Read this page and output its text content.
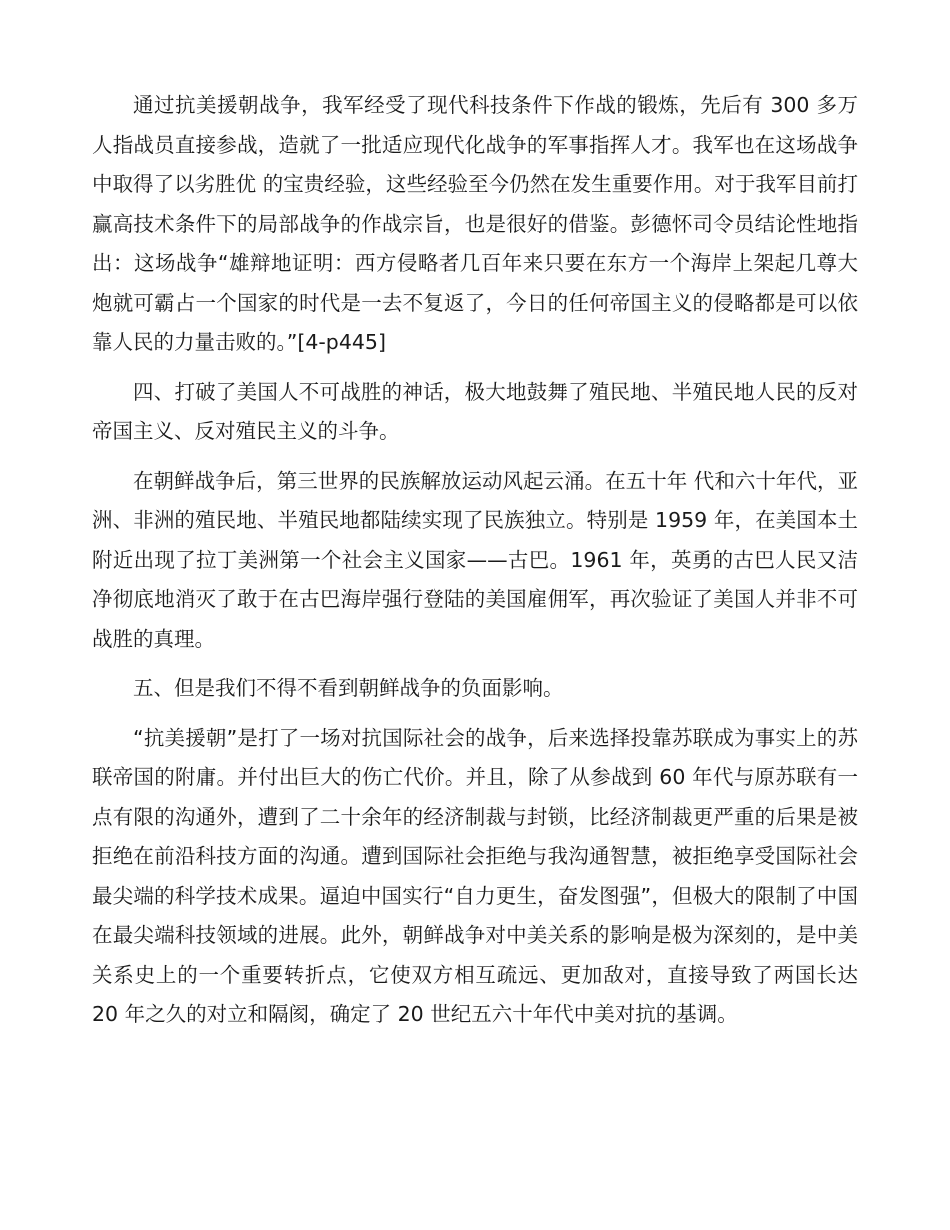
通过抗美援朝战争，我军经受了现代科技条件下作战的锻炼，先后有 300 多万人指战员直接参战，造就了一批适应现代化战争的军事指挥人才。我军也在这场战争中取得了以劣胜优 的宝贵经验，这些经验至今仍然在发生重要作用。对于我军目前打赢高技术条件下的局部战争的作战宗旨，也是很好的借鉴。彭德怀司令员结论性地指出：这场战争“雄辩地证明：西方侵略者几百年来只要在东方一个海岸上架起几尊大炮就可霸占一个国家的时代是一去不复返了，今日的任何帝国主义的侵略都是可以依靠人民的力量击败的。”[4-p445]

四、打破了美国人不可战胜的神话，极大地鼓舞了殖民地、半殖民地人民的反对帝国主义、反对殖民主义的斗争。

在朝鲜战争后，第三世界的民族解放运动风起云涌。在五十年 代和六十年代，亚洲、非洲的殖民地、半殖民地都陆续实现了民族独立。特别是 1959 年，在美国本土附近出现了拉丁美洲第一个社会主义国家——古巴。1961 年，英勇的古巴人民又洁净彻底地消灭了敢于在古巴海岸强行登陆的美国雇佣军，再次验证了美国人并非不可战胜的真理。

五、但是我们不得不看到朝鲜战争的负面影响。

“抗美援朝”是打了一场对抗国际社会的战争，后来选择投靠苏联成为事实上的苏联帝国的附庸。并付出巨大的伤亡代价。并且，除了从参战到 60 年代与原苏联有一点有限的沟通外，遭到了二十余年的经济制裁与封锁，比经济制裁更严重的后果是被拒绝在前沿科技方面的沟通。遭到国际社会拒绝与我沟通智慧，被拒绝享受国际社会最尖端的科学技术成果。逼迫中国实行“自力更生，奋发图强”，但极大的限制了中国在最尖端科技领域的进展。此外，朝鲜战争对中美关系的影响是极为深刻的，是中美关系史上的一个重要转折点，它使双方相互疏远、更加敌对，直接导致了两国长达 20 年之久的对立和隔阂，确定了 20 世纪五六十年代中美对抗的基调。
